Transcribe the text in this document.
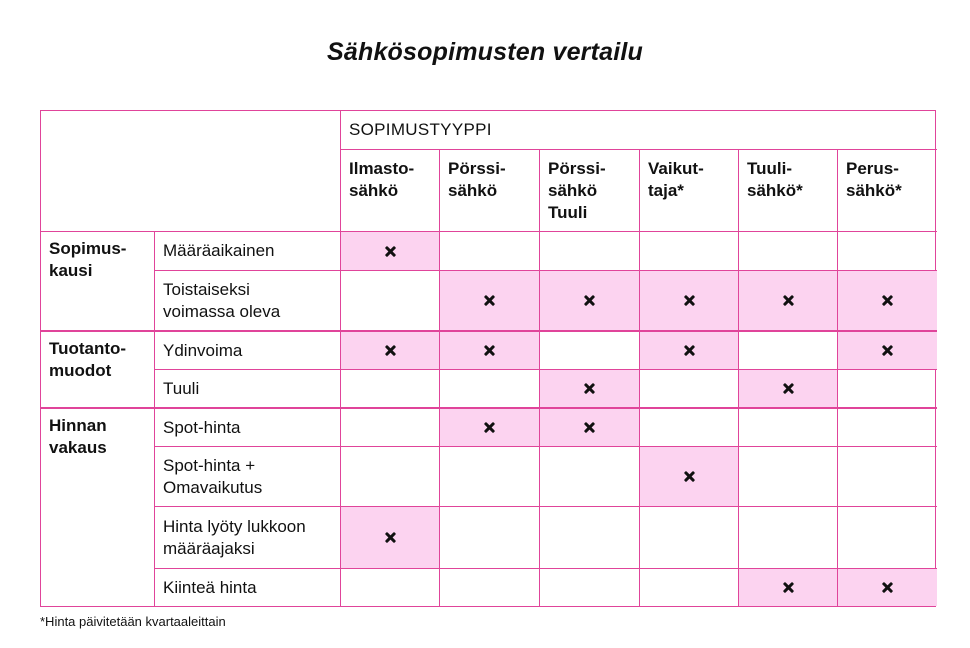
Sähkösopimusten vertailu
SOPIMUSTYYPPI
Ilmasto-
sähkö
Pörssi-
sähkö
Pörssi-
sähkö
Tuuli
Vaikut-
taja*
Tuuli-
sähkö*
Perus-
sähkö*
Sopimus-
kausi
Määräaikainen
Toistaiseksi
voimassa oleva
Tuotanto-
muodot
Ydinvoima
Tuuli
Hinnan
vakaus
Spot-hinta
Spot-hinta +
Omavaikutus
Hinta lyöty lukkoon
määräajaksi
Kiinteä hinta
*Hinta päivitetään kvartaaleittain
